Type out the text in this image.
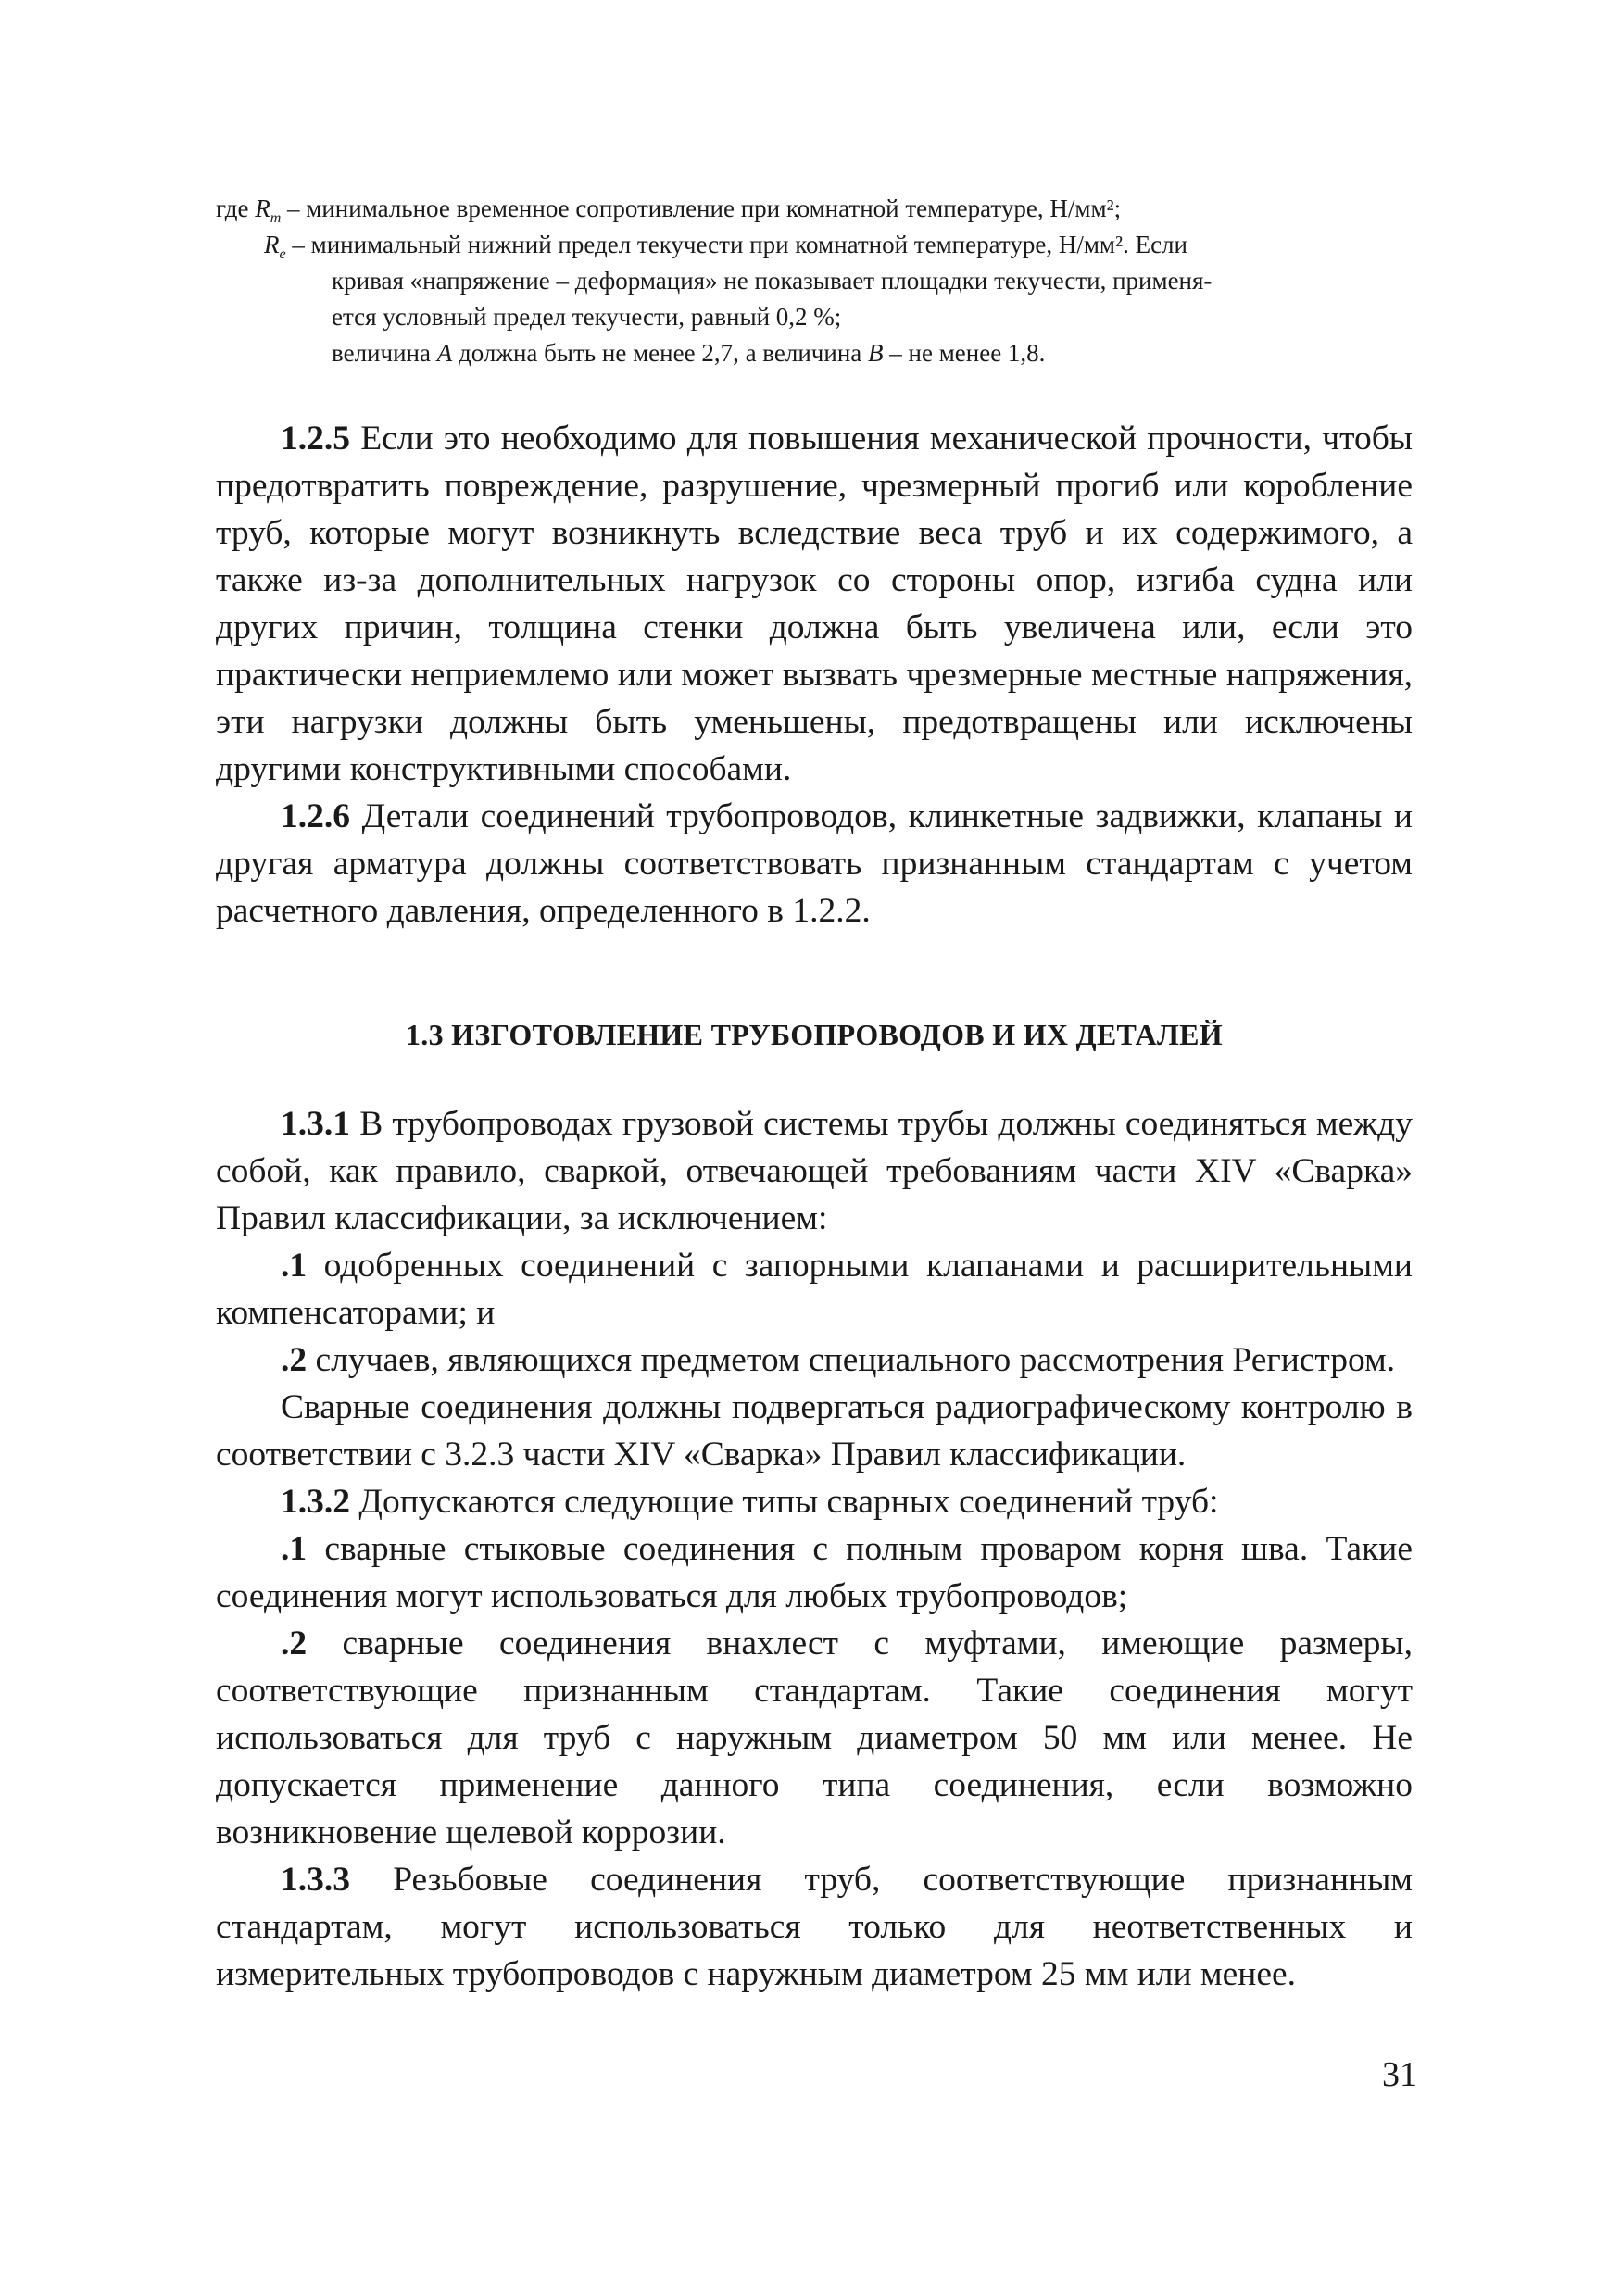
где $R_m$ – минимальное временное сопротивление при комнатной температуре, Н/мм²;
$R_e$ – минимальный нижний предел текучести при комнатной температуре, Н/мм². Если
кривая «напряжение – деформация» не показывает площадки текучести, применя-
ется условный предел текучести, равный 0,2 %;
величина A должна быть не менее 2,7, а величина B – не менее 1,8.

1.2.5 Если это необходимо для повышения механической прочности, чтобы предотвратить повреждение, разрушение, чрезмерный прогиб или коробление труб, которые могут возникнуть вследствие веса труб и их содержимого, а также из-за дополнительных нагрузок со стороны опор, изгиба судна или других причин, толщина стенки должна быть увеличена или, если это практически неприемлемо или может вызвать чрезмерные местные напряжения, эти нагрузки должны быть уменьшены, предотвращены или исключены другими конструктивными способами.

1.2.6 Детали соединений трубопроводов, клинкетные задвижки, клапаны и другая арматура должны соответствовать признанным стандартам с учетом расчетного давления, определенного в 1.2.2.

1.3 ИЗГОТОВЛЕНИЕ ТРУБОПРОВОДОВ И ИХ ДЕТАЛЕЙ

1.3.1 В трубопроводах грузовой системы трубы должны соединяться между собой, как правило, сваркой, отвечающей требованиям части XIV «Сварка» Правил классификации, за исключением:

.1 одобренных соединений с запорными клапанами и расширительными компенсаторами; и

.2 случаев, являющихся предметом специального рассмотрения Регистром.

Сварные соединения должны подвергаться радиографическому контролю в соответствии с 3.2.3 части XIV «Сварка» Правил классификации.

1.3.2 Допускаются следующие типы сварных соединений труб:

.1 сварные стыковые соединения с полным проваром корня шва. Такие соединения могут использоваться для любых трубопроводов;

.2 сварные соединения внахлест с муфтами, имеющие размеры, соответствующие признанным стандартам. Такие соединения могут использоваться для труб с наружным диаметром 50 мм или менее. Не допускается применение данного типа соединения, если возможно возникновение щелевой коррозии.

1.3.3 Резьбовые соединения труб, соответствующие признанным стандартам, могут использоваться только для неответственных и измерительных трубопроводов с наружным диаметром 25 мм или менее.

31
